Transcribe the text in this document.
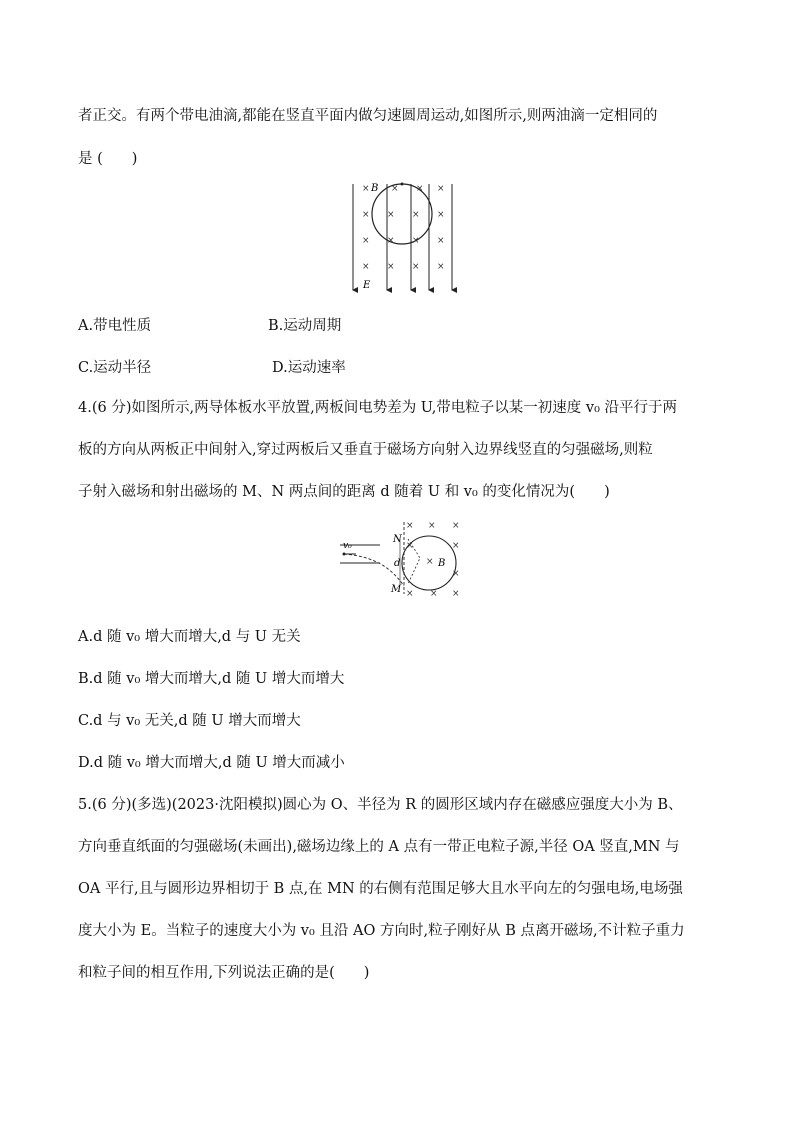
者正交。有两个带电油滴,都能在竖直平面内做匀速圆周运动,如图所示,则两油滴一定相同的
是 (　　)
× × × ×
× × × ×
× × × ×
× × × ×
B
E
A.带电性质	B.运动周期
C.运动半径	D.运动速率
4.(6 分)如图所示,两导体板水平放置,两板间电势差为 U,带电粒子以某一初速度 v₀ 沿平行于两
板的方向从两板正中间射入,穿过两板后又垂直于磁场方向射入边界线竖直的匀强磁场,则粒
子射入磁场和射出磁场的 M、N 两点间的距离 d 随着 U 和 v₀ 的变化情况为(　　)
× × ×
×	×
×
×
× × ×
v₀
N
d	B
M
A.d 随 v₀ 增大而增大,d 与 U 无关
B.d 随 v₀ 增大而增大,d 随 U 增大而增大
C.d 与 v₀ 无关,d 随 U 增大而增大
D.d 随 v₀ 增大而增大,d 随 U 增大而减小
5.(6 分)(多选)(2023·沈阳模拟)圆心为 O、半径为 R 的圆形区域内存在磁感应强度大小为 B、
方向垂直纸面的匀强磁场(未画出),磁场边缘上的 A 点有一带正电粒子源,半径 OA 竖直,MN 与
OA 平行,且与圆形边界相切于 B 点,在 MN 的右侧有范围足够大且水平向左的匀强电场,电场强
度大小为 E。当粒子的速度大小为 v₀ 且沿 AO 方向时,粒子刚好从 B 点离开磁场,不计粒子重力
和粒子间的相互作用,下列说法正确的是(　　)
